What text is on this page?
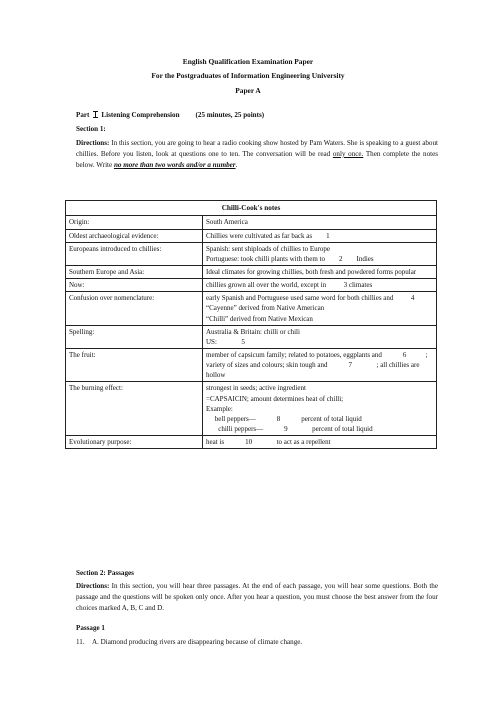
English Qualification Examination Paper
For the Postgraduates of Information Engineering University
Paper A
Part Listening Comprehension (25 minutes, 25 points)
Section 1:
Directions: In this section, you are going to hear a radio cooking show hosted by Pam Waters. She is speaking to a guest about chillies. Before you listen, look at questions one to ten. The conversation will be read only once. Then complete the notes below. Write no more than two words and/or a number.
Chilli-Cook's notes	
Origin:	South America

Oldest archaeological evidence:	Chillies were cultivated as far back as        1

Europeans introduced to chillies:	Spanish: sent shiploads of chillies to Europe
Portuguese: took chilli plants with them to        2        Indies

Southern Europe and Asia:	Ideal climates for growing chillies, both fresh and powdered forms popular

Now:	chillies grown all over the world, except in          3 climates

Confusion over nomenclature:	early Spanish and Portuguese used same word for both chillies and          4
“Cayenne” derived from Native American
“Chilli” derived from Native Mexican

Spelling:	Australia & Britain: chilli or chili
US:              5

The fruit:	member of capsicum family; related to potatoes, eggplants and            6           ; variety of sizes and colours; skin tough and            7              ; all chillies are hollow

The burning effect:	strongest in seeds; active ingredient
=CAPSAICIN; amount determines heat of chilli;
Example:
bell peppers—            8            percent of total liquid
chilli peppers—            9              percent of total liquid

Evolutionary purpose:	heat is            10              to act as a repellent
Section 2: Passages
Directions: In this section, you will hear three passages. At the end of each passage, you will hear some questions. Both the passage and the questions will be spoken only once. After you hear a question, you must choose the best answer from the four choices marked A, B, C and D.
Passage 1
11. A. Diamond producing rivers are disappearing because of climate change.
